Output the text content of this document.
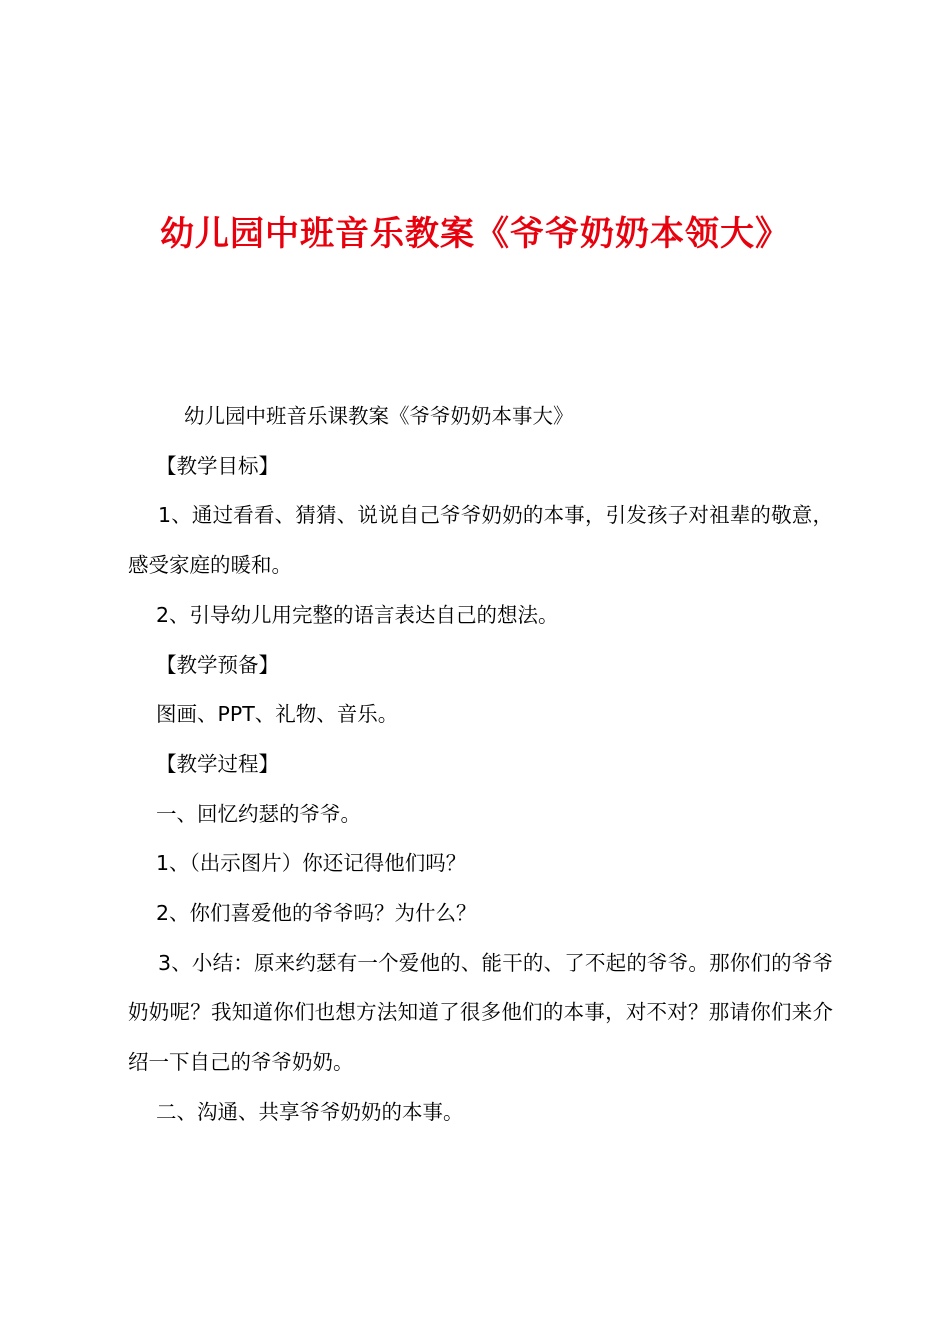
幼儿园中班音乐教案《爷爷奶奶本领大》

幼儿园中班音乐课教案《爷爷奶奶本事大》

【教学目标】

1、通过看看、猜猜、说说自己爷爷奶奶的本事，引发孩子对祖辈的敬意，感受家庭的暖和。

2、引导幼儿用完整的语言表达自己的想法。

【教学预备】

图画、PPT、礼物、音乐。

【教学过程】

一、回忆约瑟的爷爷。

1、（出示图片）你还记得他们吗？

2、你们喜爱他的爷爷吗？为什么？

3、小结：原来约瑟有一个爱他的、能干的、了不起的爷爷。那你们的爷爷奶奶呢？我知道你们也想方法知道了很多他们的本事，对不对？那请你们来介绍一下自己的爷爷奶奶。

二、沟通、共享爷爷奶奶的本事。
